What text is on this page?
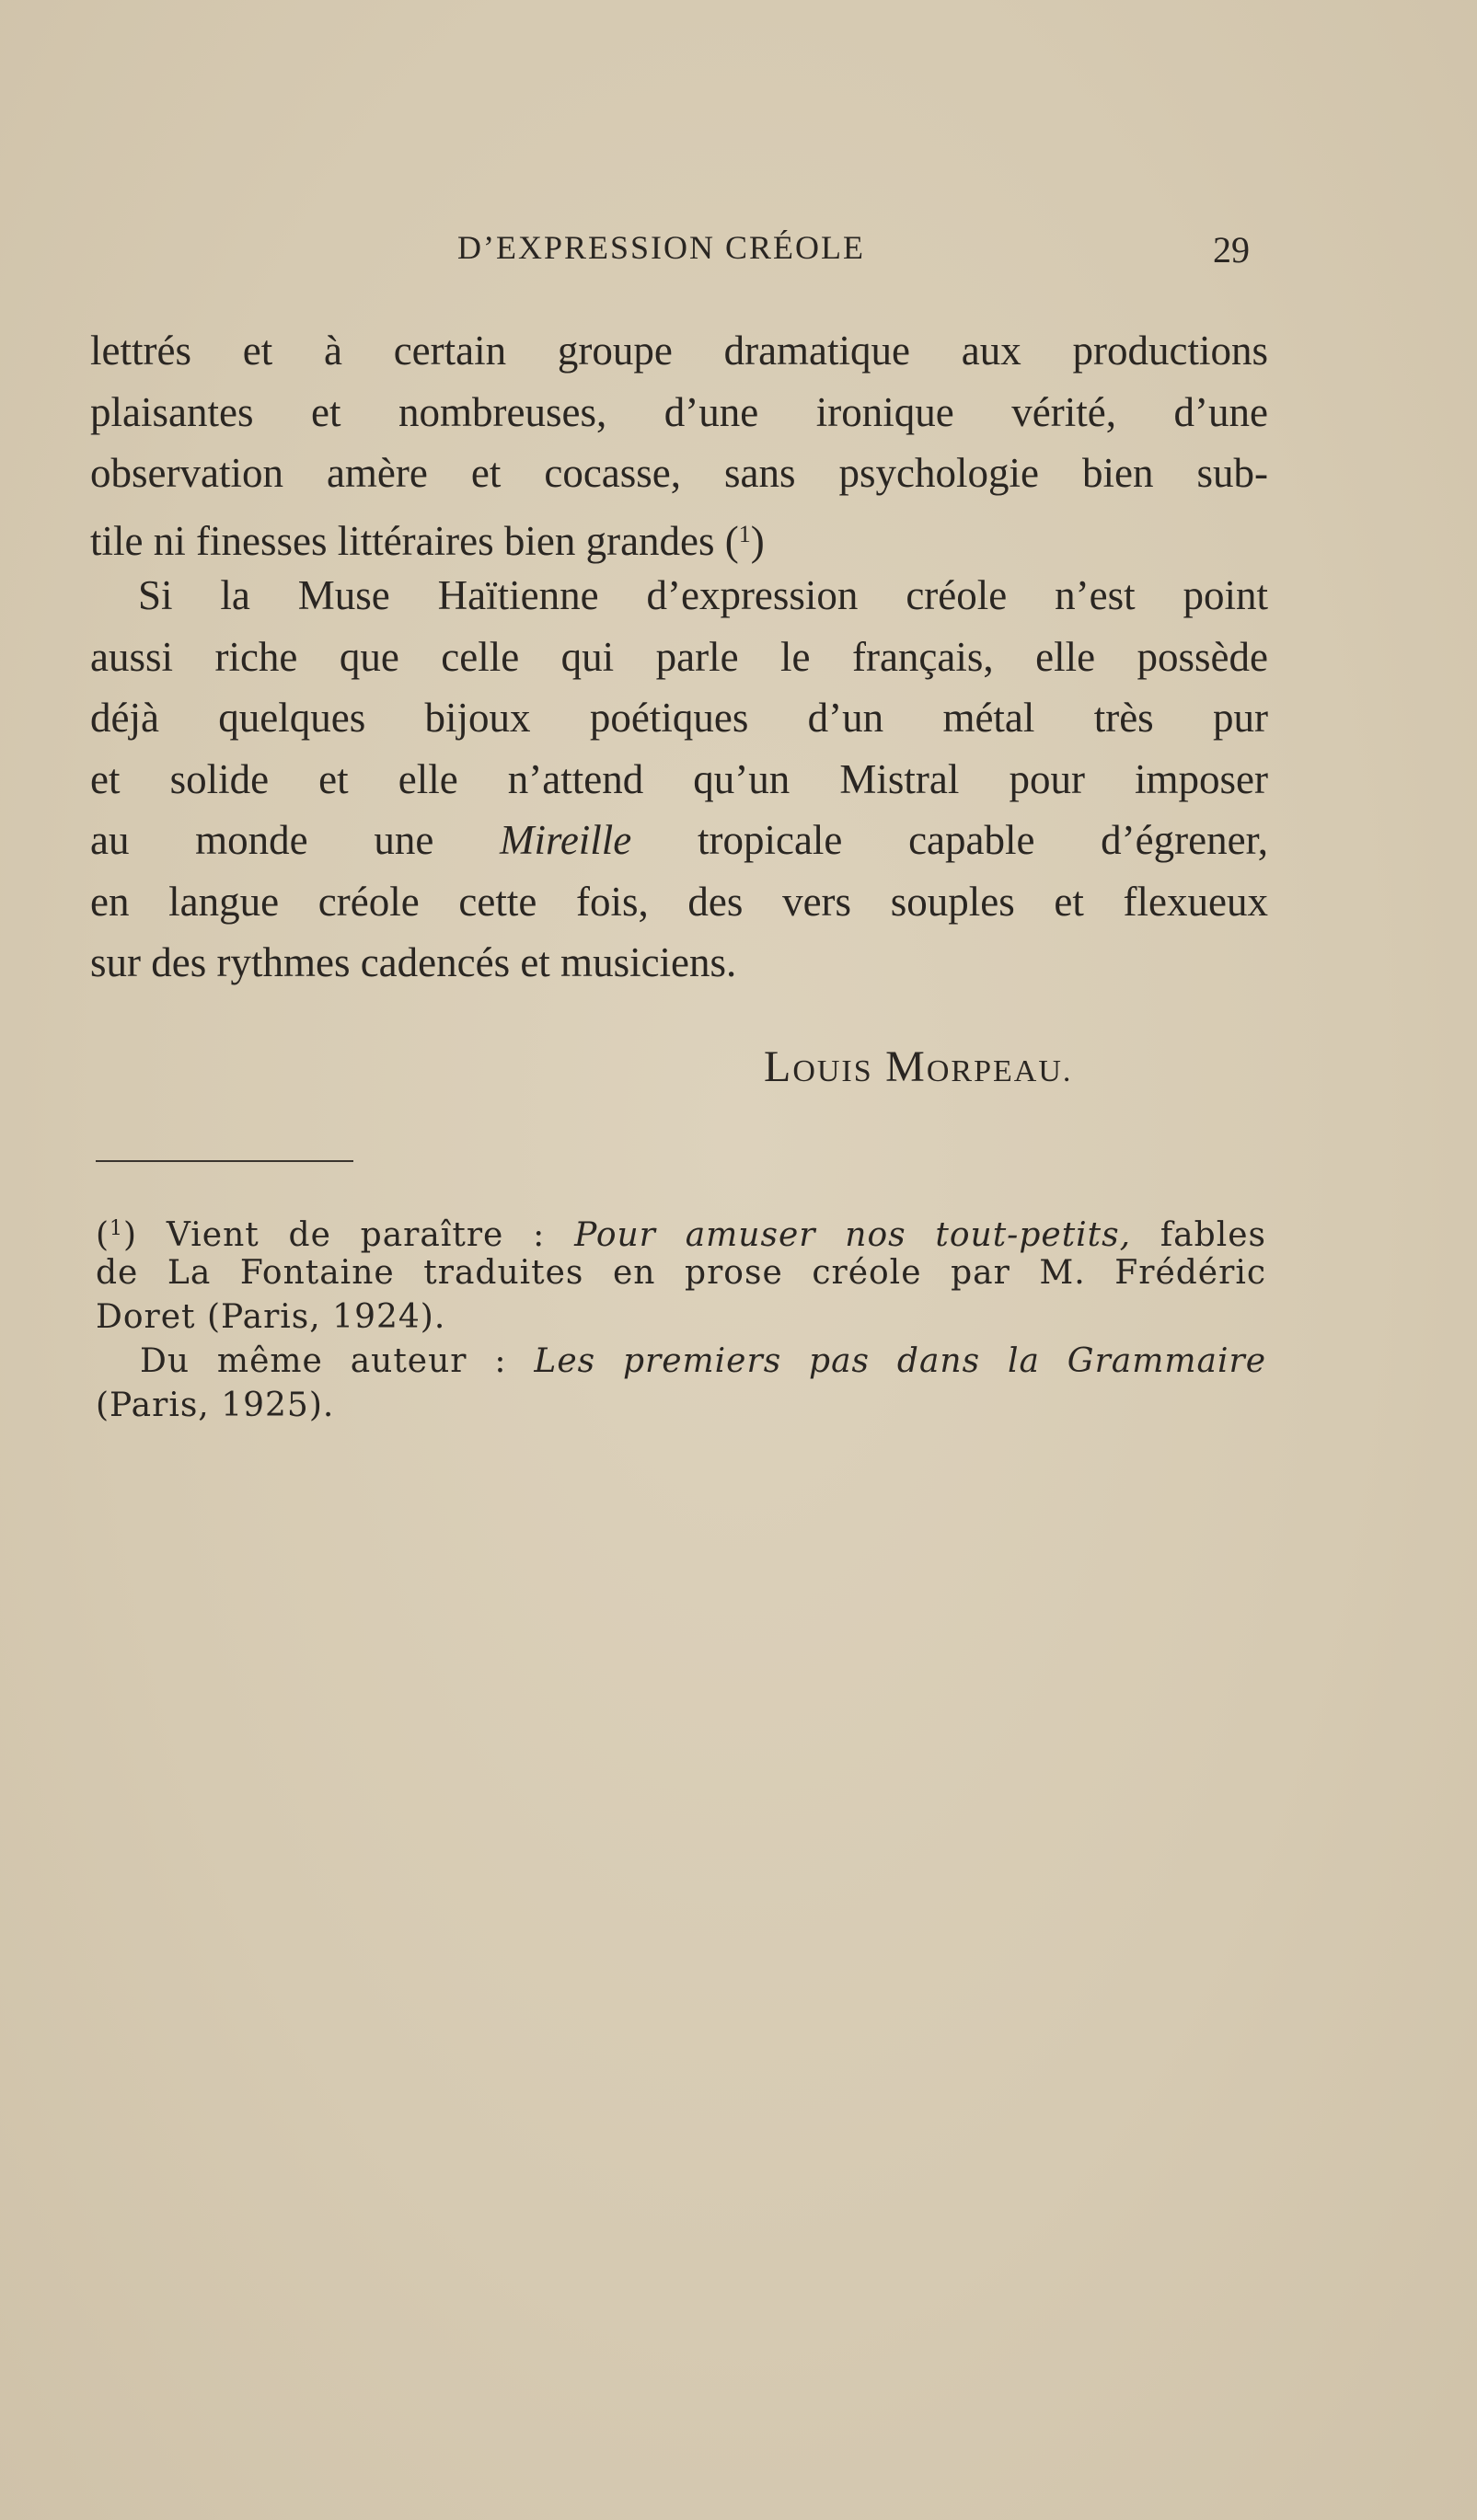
D’EXPRESSION CRÉOLE	29
lettrés et à certain groupe dramatique aux productions
plaisantes et nombreuses, d’une ironique vérité, d’une
observation amère et cocasse, sans psychologie bien sub-
tile ni finesses littéraires bien grandes ($^1$)
Si la Muse Haïtienne d’expression créole n’est point
aussi riche que celle qui parle le français, elle possède
déjà quelques bijoux poétiques d’un métal très pur
et solide et elle n’attend qu’un Mistral pour imposer
au monde une Mireille tropicale capable d’égrener,
en langue créole cette fois, des vers souples et flexueux
sur des rythmes cadencés et musiciens.
LOUIS MORPEAU.
($^1$) Vient de paraître : Pour amuser nos tout-petits, fables
de La Fontaine traduites en prose créole par M. Frédéric
Doret (Paris, 1924).
Du même auteur : Les premiers pas dans la Grammaire
(Paris, 1925).
